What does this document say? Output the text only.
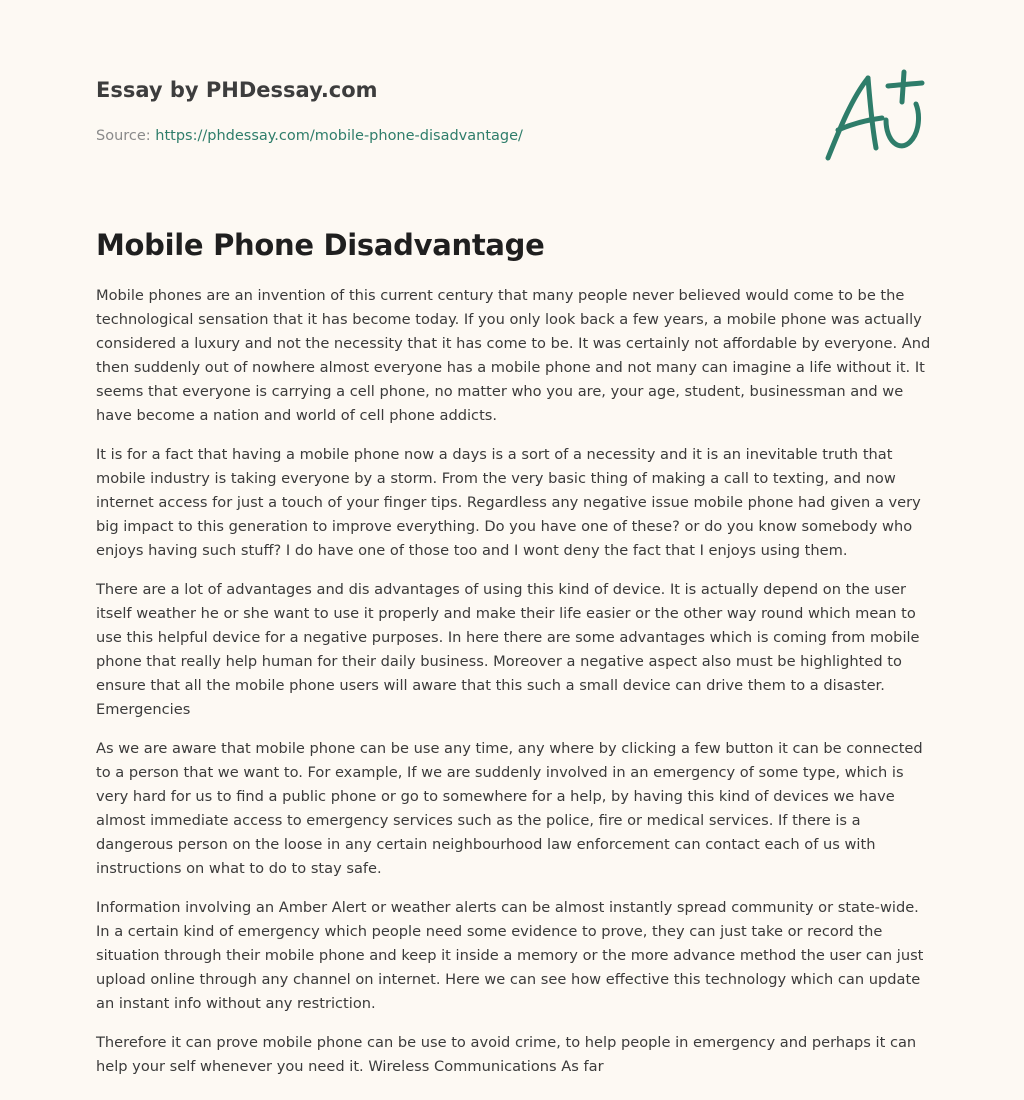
Essay by PHDessay.com
Source: https://phdessay.com/mobile-phone-disadvantage/
Mobile Phone Disadvantage

Mobile phones are an invention of this current century that many people never believed would come to be the technological sensation that it has become today. If you only look back a few years, a mobile phone was actually considered a luxury and not the necessity that it has come to be. It was certainly not affordable by everyone. And then suddenly out of nowhere almost everyone has a mobile phone and not many can imagine a life without it. It seems that everyone is carrying a cell phone, no matter who you are, your age, student, businessman and we have become a nation and world of cell phone addicts.

It is for a fact that having a mobile phone now a days is a sort of a necessity and it is an inevitable truth that mobile industry is taking everyone by a storm. From the very basic thing of making a call to texting, and now internet access for just a touch of your finger tips. Regardless any negative issue mobile phone had given a very big impact to this generation to improve everything. Do you have one of these? or do you know somebody who enjoys having such stuff? I do have one of those too and I wont deny the fact that I enjoys using them.

There are a lot of advantages and dis advantages of using this kind of device. It is actually depend on the user itself weather he or she want to use it properly and make their life easier or the other way round which mean to use this helpful device for a negative purposes. In here there are some advantages which is coming from mobile phone that really help human for their daily business. Moreover a negative aspect also must be highlighted to ensure that all the mobile phone users will aware that this such a small device can drive them to a disaster. Emergencies

As we are aware that mobile phone can be use any time, any where by clicking a few button it can be connected to a person that we want to. For example, If we are suddenly involved in an emergency of some type, which is very hard for us to find a public phone or go to somewhere for a help, by having this kind of devices we have almost immediate access to emergency services such as the police, fire or medical services. If there is a dangerous person on the loose in any certain neighbourhood law enforcement can contact each of us with instructions on what to do to stay safe.

Information involving an Amber Alert or weather alerts can be almost instantly spread community or state-wide. In a certain kind of emergency which people need some evidence to prove, they can just take or record the situation through their mobile phone and keep it inside a memory or the more advance method the user can just upload online through any channel on internet. Here we can see how effective this technology which can update an instant info without any restriction.

Therefore it can prove mobile phone can be use to avoid crime, to help people in emergency and perhaps it can help your self whenever you need it. Wireless Communications As far
